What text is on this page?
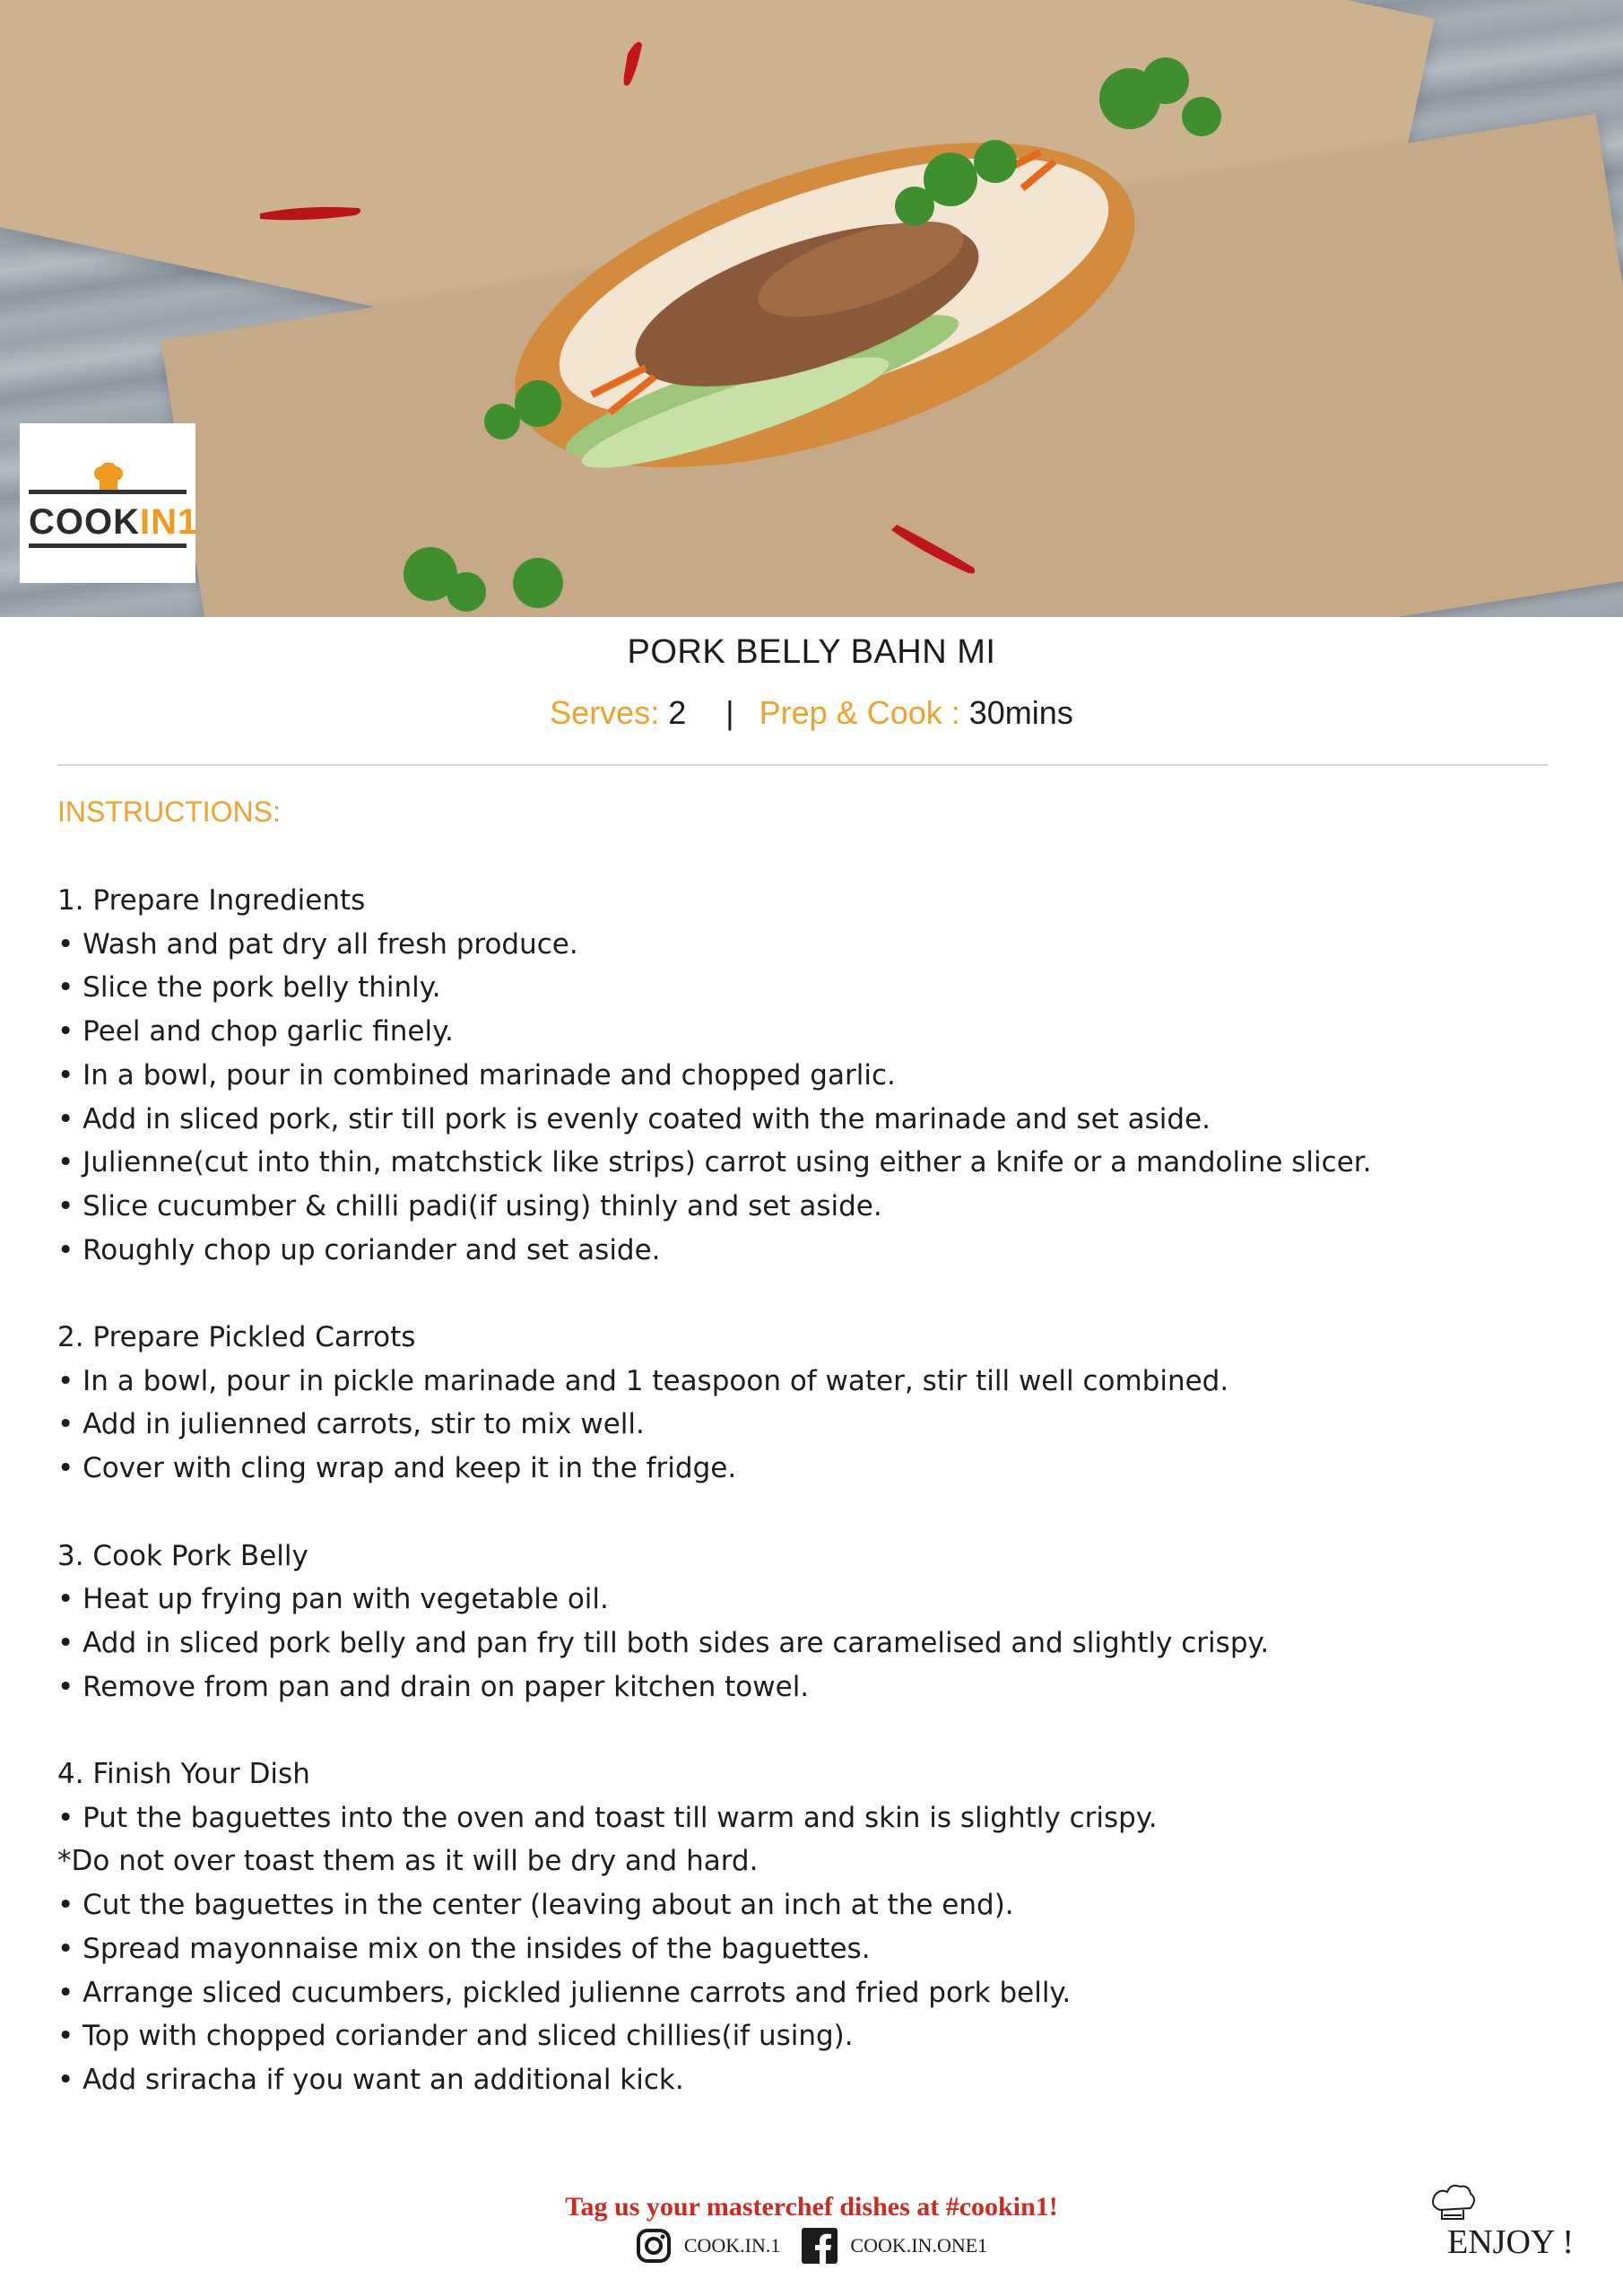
COOKIN1
PORK BELLY BAHN MI
Serves: 2 | Prep & Cook : 30mins
INSTRUCTIONS:
1. Prepare Ingredients
• Wash and pat dry all fresh produce.
• Slice the pork belly thinly.
• Peel and chop garlic finely.
• In a bowl, pour in combined marinade and chopped garlic.
• Add in sliced pork, stir till pork is evenly coated with the marinade and set aside.
• Julienne(cut into thin, matchstick like strips) carrot using either a knife or a mandoline slicer.
• Slice cucumber & chilli padi(if using) thinly and set aside.
• Roughly chop up coriander and set aside.
2. Prepare Pickled Carrots
• In a bowl, pour in pickle marinade and 1 teaspoon of water, stir till well combined.
• Add in julienned carrots, stir to mix well.
• Cover with cling wrap and keep it in the fridge.
3. Cook Pork Belly
• Heat up frying pan with vegetable oil.
• Add in sliced pork belly and pan fry till both sides are caramelised and slightly crispy.
• Remove from pan and drain on paper kitchen towel.
4. Finish Your Dish
• Put the baguettes into the oven and toast till warm and skin is slightly crispy.
*Do not over toast them as it will be dry and hard.
• Cut the baguettes in the center (leaving about an inch at the end).
• Spread mayonnaise mix on the insides of the baguettes.
• Arrange sliced cucumbers, pickled julienne carrots and fried pork belly.
• Top with chopped coriander and sliced chillies(if using).
• Add sriracha if you want an additional kick.
Tag us your masterchef dishes at #cookin1!
COOK.IN.1	COOK.IN.ONE1	ENJOY !
